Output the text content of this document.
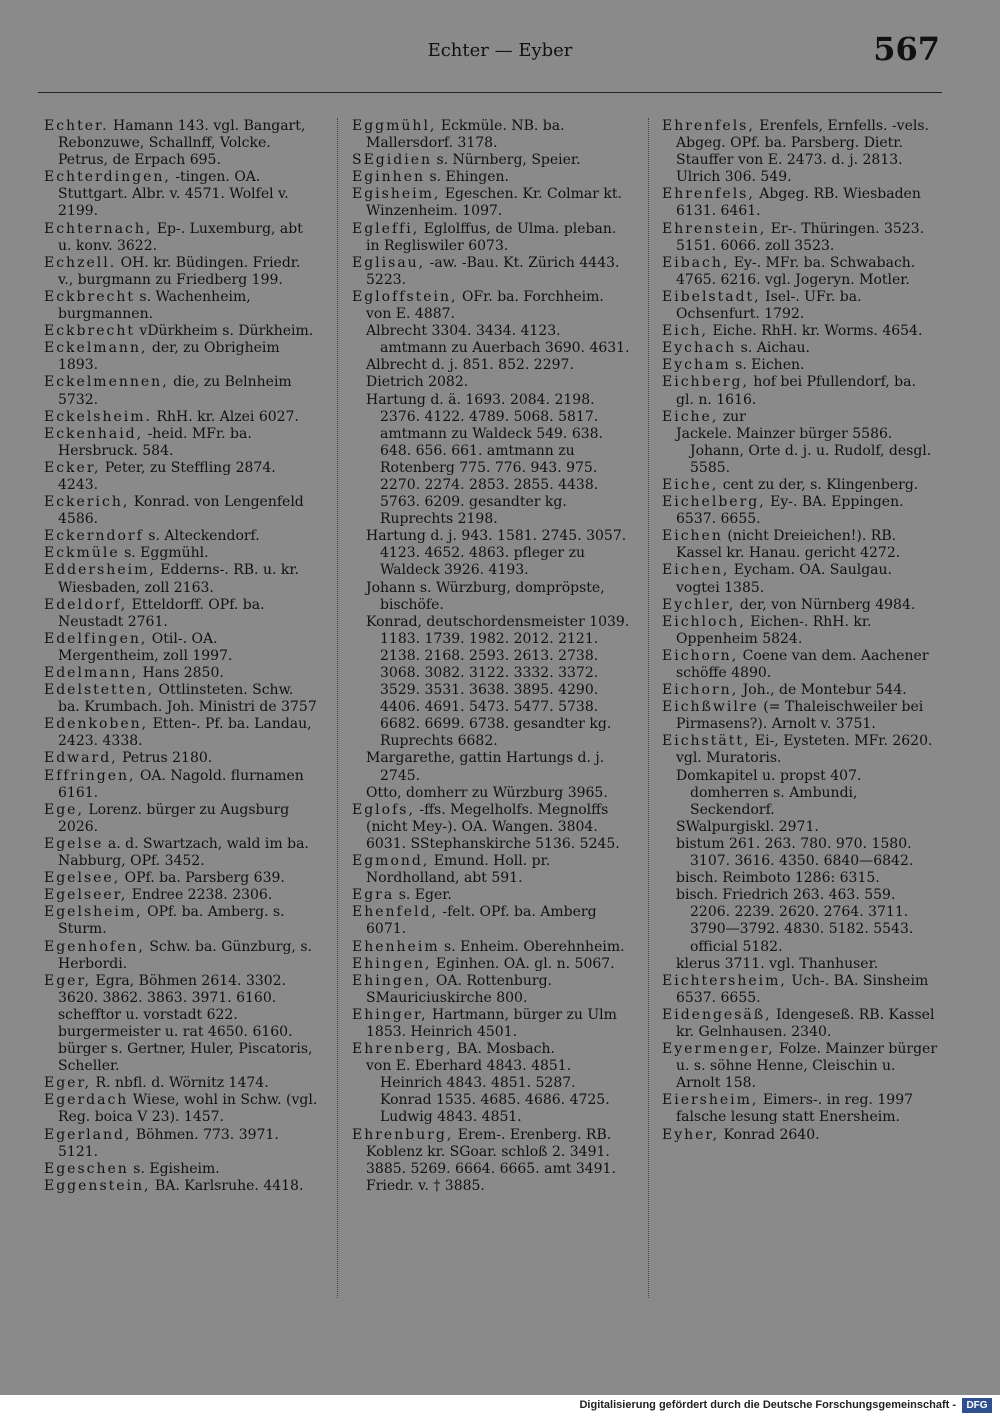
Echter — Eyber	567

Echter. Hamann 143. vgl. Bangart, Rebonzuwe, Schallnff, Volcke.

Petrus, de Erpach 695.

Echterdingen, -tingen. OA. Stuttgart. Albr. v. 4571. Wolfel v. 2199.

Echternach, Ep-. Luxemburg, abt u. konv. 3622.

Echzell. OH. kr. Büdingen. Friedr. v., burgmann zu Friedberg 199.

Eckbrecht s. Wachenheim, burgmannen.

Eckbrecht vDürkheim s. Dürkheim.

Eckelmann, der, zu Obrigheim 1893.

Eckelmennen, die, zu Belnheim 5732.

Eckelsheim. RhH. kr. Alzei 6027.

Eckenhaid, -heid. MFr. ba. Hersbruck. 584.

Ecker, Peter, zu Steffling 2874. 4243.

Eckerich, Konrad. von Lengenfeld 4586.

Eckerndorf s. Alteckendorf.

Eckmüle s. Eggmühl.

Eddersheim, Edderns-. RB. u. kr. Wiesbaden, zoll 2163.

Edeldorf, Etteldorff. OPf. ba. Neustadt 2761.

Edelfingen, Otil-. OA. Mergentheim, zoll 1997.

Edelmann, Hans 2850.

Edelstetten, Ottlinsteten. Schw. ba. Krumbach. Joh. Ministri de 3757

Edenkoben, Etten-. Pf. ba. Landau, 2423. 4338.

Edward, Petrus 2180.

Effringen, OA. Nagold. flurnamen 6161.

Ege, Lorenz. bürger zu Augsburg 2026.

Egelse a. d. Swartzach, wald im ba. Nabburg, OPf. 3452.

Egelsee, OPf. ba. Parsberg 639.

Egelseer, Endree 2238. 2306.

Egelsheim, OPf. ba. Amberg. s. Sturm.

Egenhofen, Schw. ba. Günzburg, s. Herbordi.

Eger, Egra, Böhmen 2614. 3302. 3620. 3862. 3863. 3971. 6160. schefftor u. vorstadt 622. burgermeister u. rat 4650. 6160. bürger s. Gertner, Huler, Piscatoris, Scheller.

Eger, R. nbfl. d. Wörnitz 1474.

Egerdach Wiese, wohl in Schw. (vgl. Reg. boica V 23). 1457.

Egerland, Böhmen. 773. 3971. 5121.

Egeschen s. Egisheim.

Eggenstein, BA. Karlsruhe. 4418.

Eggmühl, Eckmüle. NB. ba. Mallersdorf. 3178.

SEgidien s. Nürnberg, Speier.

Eginhen s. Ehingen.

Egisheim, Egeschen. Kr. Colmar kt. Winzenheim. 1097.

Egleffi, Eglolffus, de Ulma. pleban. in Regliswiler 6073.

Eglisau, -aw. -Bau. Kt. Zürich 4443. 5223.

Egloffstein, OFr. ba. Forchheim.

von E. 4887.

Albrecht 3304. 3434. 4123. amtmann zu Auerbach 3690. 4631.

Albrecht d. j. 851. 852. 2297.

Dietrich 2082.

Hartung d. ä. 1693. 2084. 2198. 2376. 4122. 4789. 5068. 5817. amtmann zu Waldeck 549. 638. 648. 656. 661. amtmann zu Rotenberg 775. 776. 943. 975. 2270. 2274. 2853. 2855. 4438. 5763. 6209. gesandter kg. Ruprechts 2198.

Hartung d. j. 943. 1581. 2745. 3057. 4123. 4652. 4863. pfleger zu Waldeck 3926. 4193.

Johann s. Würzburg, dompröpste, bischöfe.

Konrad, deutschordensmeister 1039. 1183. 1739. 1982. 2012. 2121. 2138. 2168. 2593. 2613. 2738. 3068. 3082. 3122. 3332. 3372. 3529. 3531. 3638. 3895. 4290. 4406. 4691. 5473. 5477. 5738. 6682. 6699. 6738. gesandter kg. Ruprechts 6682.

Margarethe, gattin Hartungs d. j. 2745.

Otto, domherr zu Würzburg 3965.

Eglofs, -ffs. Megelholfs. Megnolffs (nicht Mey-). OA. Wangen. 3804. 6031. SStephanskirche 5136. 5245.

Egmond, Emund. Holl. pr. Nordholland, abt 591.

Egra s. Eger.

Ehenfeld, -felt. OPf. ba. Amberg 6071.

Ehenheim s. Enheim. Oberehnheim.

Ehingen, Eginhen. OA. gl. n. 5067.

Ehingen, OA. Rottenburg. SMauriciuskirche 800.

Ehinger, Hartmann, bürger zu Ulm 1853. Heinrich 4501.

Ehrenberg, BA. Mosbach.

von E. Eberhard 4843. 4851. Heinrich 4843. 4851. 5287. Konrad 1535. 4685. 4686. 4725. Ludwig 4843. 4851.

Ehrenburg, Erem-. Erenberg. RB. Koblenz kr. SGoar. schloß 2. 3491. 3885. 5269. 6664. 6665. amt 3491. Friedr. v. † 3885.

Ehrenfels, Erenfels, Ernfells. -vels. Abgeg. OPf. ba. Parsberg. Dietr. Stauffer von E. 2473. d. j. 2813. Ulrich 306. 549.

Ehrenfels, Abgeg. RB. Wiesbaden 6131. 6461.

Ehrenstein, Er-. Thüringen. 3523. 5151. 6066. zoll 3523.

Eibach, Ey-. MFr. ba. Schwabach. 4765. 6216. vgl. Jogeryn. Motler.

Eibelstadt, Isel-. UFr. ba. Ochsenfurt. 1792.

Eich, Eiche. RhH. kr. Worms. 4654.

Eychach s. Aichau.

Eycham s. Eichen.

Eichberg, hof bei Pfullendorf, ba. gl. n. 1616.

Eiche, zur

Jackele. Mainzer bürger 5586. Johann, Orte d. j. u. Rudolf, desgl. 5585.

Eiche, cent zu der, s. Klingenberg.

Eichelberg, Ey-. BA. Eppingen. 6537. 6655.

Eichen (nicht Dreieichen!). RB. Kassel kr. Hanau. gericht 4272.

Eichen, Eycham. OA. Saulgau. vogtei 1385.

Eychler, der, von Nürnberg 4984.

Eichloch, Eichen-. RhH. kr. Oppenheim 5824.

Eichorn, Coene van dem. Aachener schöffe 4890.

Eichorn, Joh., de Montebur 544.

Eichßwilre (= Thaleischweiler bei Pirmasens?). Arnolt v. 3751.

Eichstätt, Ei-, Eysteten. MFr. 2620. vgl. Muratoris.

Domkapitel u. propst 407. domherren s. Ambundi, Seckendorf.

SWalpurgiskl. 2971.

bistum 261. 263. 780. 970. 1580. 3107. 3616. 4350. 6840—6842.

bisch. Reimboto 1286: 6315.

bisch. Friedrich 263. 463. 559. 2206. 2239. 2620. 2764. 3711. 3790—3792. 4830. 5182. 5543. official 5182.

klerus 3711. vgl. Thanhuser.

Eichtersheim, Uch-. BA. Sinsheim 6537. 6655.

Eidengesäß, Idengeseß. RB. Kassel kr. Gelnhausen. 2340.

Eyermenger, Folze. Mainzer bürger u. s. söhne Henne, Cleischin u. Arnolt 158.

Eiersheim, Eimers-. in reg. 1997 falsche lesung statt Enersheim.

Eyher, Konrad 2640.

Digitalisierung gefördert durch die Deutsche Forschungsgemeinschaft -	DFG
